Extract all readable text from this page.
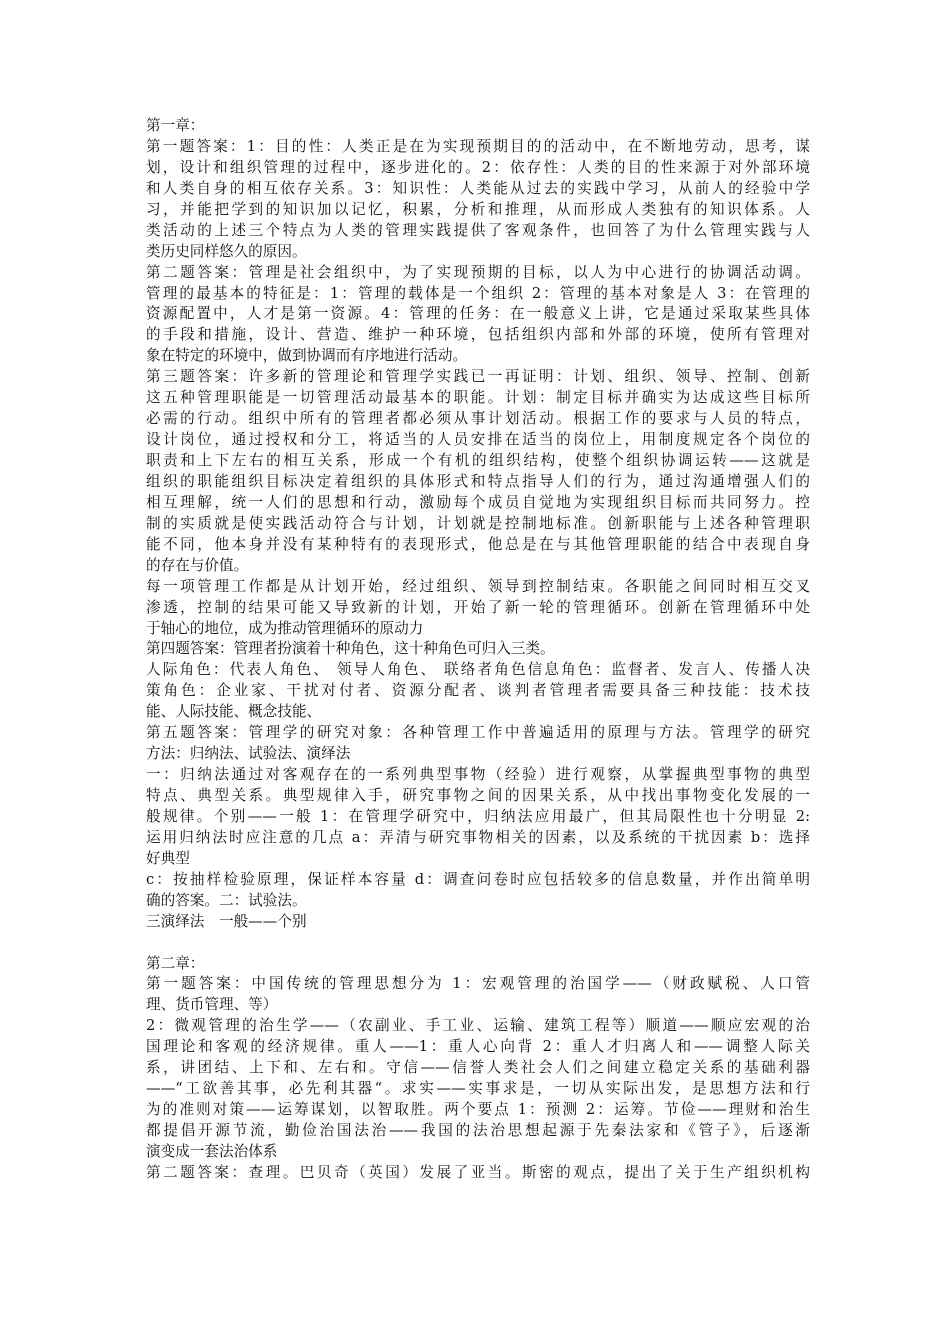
第一章：
第一题答案：1：目的性：人类正是在为实现预期目的的活动中，在不断地劳动，思考，谋
划，设计和组织管理的过程中，逐步进化的。2：依存性：人类的目的性来源于对外部环境
和人类自身的相互依存关系。3：知识性：人类能从过去的实践中学习，从前人的经验中学
习，并能把学到的知识加以记忆，积累，分析和推理，从而形成人类独有的知识体系。人
类活动的上述三个特点为人类的管理实践提供了客观条件，也回答了为什么管理实践与人
类历史同样悠久的原因。
第二题答案：管理是社会组织中，为了实现预期的目标，以人为中心进行的协调活动调。
管理的最基本的特征是：1：管理的载体是一个组织 2：管理的基本对象是人 3：在管理的
资源配置中，人才是第一资源。4：管理的任务：在一般意义上讲，它是通过采取某些具体
的手段和措施，设计、营造、维护一种环境，包括组织内部和外部的环境，使所有管理对
象在特定的环境中，做到协调而有序地进行活动。
第三题答案：许多新的管理论和管理学实践已一再证明：计划、组织、领导、控制、创新
这五种管理职能是一切管理活动最基本的职能。计划：制定目标并确实为达成这些目标所
必需的行动。组织中所有的管理者都必须从事计划活动。根据工作的要求与人员的特点，
设计岗位，通过授权和分工，将适当的人员安排在适当的岗位上，用制度规定各个岗位的
职责和上下左右的相互关系，形成一个有机的组织结构，使整个组织协调运转——这就是
组织的职能组织目标决定着组织的具体形式和特点指导人们的行为，通过沟通增强人们的
相互理解，统一人们的思想和行动，激励每个成员自觉地为实现组织目标而共同努力。控
制的实质就是使实践活动符合与计划，计划就是控制地标准。创新职能与上述各种管理职
能不同，他本身并没有某种特有的表现形式，他总是在与其他管理职能的结合中表现自身
的存在与价值。
每一项管理工作都是从计划开始，经过组织、领导到控制结束。各职能之间同时相互交叉
渗透，控制的结果可能又导致新的计划，开始了新一轮的管理循环。创新在管理循环中处
于轴心的地位，成为推动管理循环的原动力
第四题答案：管理者扮演着十种角色，这十种角色可归入三类。
人际角色：代表人角色、 领导人角色、 联络者角色信息角色：监督者、发言人、传播人决
策角色：企业家、干扰对付者、资源分配者、谈判者管理者需要具备三种技能：技术技
能、人际技能、概念技能、
第五题答案：管理学的研究对象：各种管理工作中普遍适用的原理与方法。管理学的研究
方法：归纳法、试验法、演绎法
一：归纳法通过对客观存在的一系列典型事物（经验）进行观察，从掌握典型事物的典型
特点、典型关系。典型规律入手，研究事物之间的因果关系，从中找出事物变化发展的一
般规律。个别——一般 1：在管理学研究中，归纳法应用最广，但其局限性也十分明显 2:
运用归纳法时应注意的几点 a：弄清与研究事物相关的因素，以及系统的干扰因素 b：选择
好典型
c：按抽样检验原理，保证样本容量 d：调查问卷时应包括较多的信息数量，并作出简单明
确的答案。二：试验法。
三演绎法　一般——个别
第二章：
第一题答案：中国传统的管理思想分为 1：宏观管理的治国学——（财政赋税、人口管
理、货币管理、等）
2：微观管理的治生学——（农副业、手工业、运输、建筑工程等）顺道——顺应宏观的治
国理论和客观的经济规律。重人——1：重人心向背 2：重人才归离人和——调整人际关
系，讲团结、上下和、左右和。守信——信誉人类社会人们之间建立稳定关系的基础利器
——“工欲善其事，必先利其器“。求实——实事求是，一切从实际出发，是思想方法和行
为的准则对策——运筹谋划，以智取胜。两个要点 1：预测 2：运筹。节俭——理财和治生
都提倡开源节流，勤俭治国法治——我国的法治思想起源于先秦法家和《管子》，后逐渐
演变成一套法治体系
第二题答案：查理。巴贝奇（英国）发展了亚当。斯密的观点，提出了关于生产组织机构
